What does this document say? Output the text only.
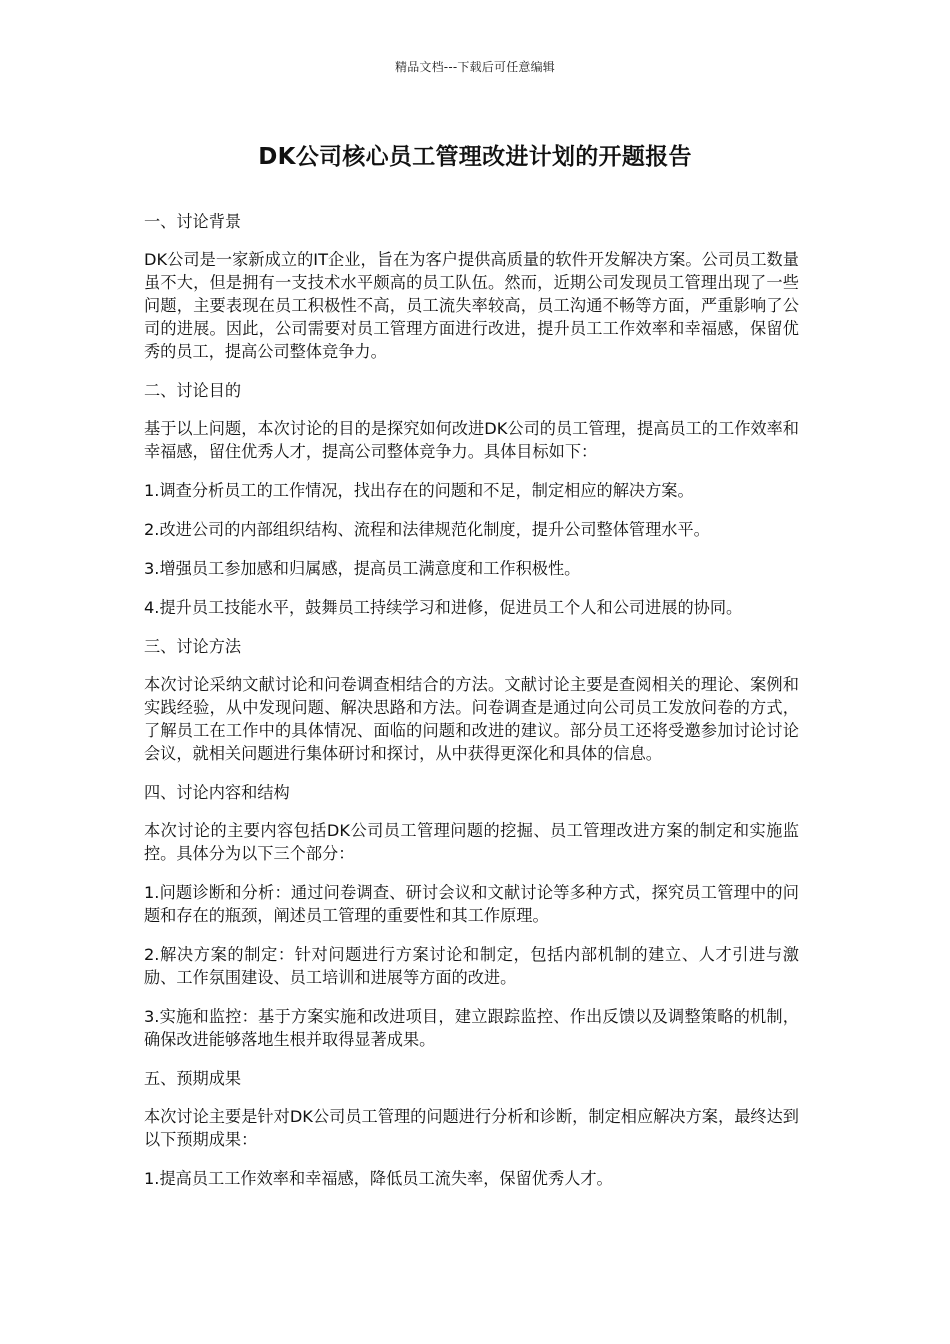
精品文档---下载后可任意编辑
DK公司核心员工管理改进计划的开题报告

一、讨论背景

DK公司是一家新成立的IT企业，旨在为客户提供高质量的软件开发解决方案。公司员工数量虽不大，但是拥有一支技术水平颇高的员工队伍。然而，近期公司发现员工管理出现了一些问题，主要表现在员工积极性不高，员工流失率较高，员工沟通不畅等方面，严重影响了公司的进展。因此，公司需要对员工管理方面进行改进，提升员工工作效率和幸福感，保留优秀的员工，提高公司整体竞争力。

二、讨论目的

基于以上问题，本次讨论的目的是探究如何改进DK公司的员工管理，提高员工的工作效率和幸福感，留住优秀人才，提高公司整体竞争力。具体目标如下：

1.调查分析员工的工作情况，找出存在的问题和不足，制定相应的解决方案。

2.改进公司的内部组织结构、流程和法律规范化制度，提升公司整体管理水平。

3.增强员工参加感和归属感，提高员工满意度和工作积极性。

4.提升员工技能水平，鼓舞员工持续学习和进修，促进员工个人和公司进展的协同。

三、讨论方法

本次讨论采纳文献讨论和问卷调查相结合的方法。文献讨论主要是查阅相关的理论、案例和实践经验，从中发现问题、解决思路和方法。问卷调查是通过向公司员工发放问卷的方式，了解员工在工作中的具体情况、面临的问题和改进的建议。部分员工还将受邀参加讨论讨论会议，就相关问题进行集体研讨和探讨，从中获得更深化和具体的信息。

四、讨论内容和结构

本次讨论的主要内容包括DK公司员工管理问题的挖掘、员工管理改进方案的制定和实施监控。具体分为以下三个部分：

1.问题诊断和分析：通过问卷调查、研讨会议和文献讨论等多种方式，探究员工管理中的问题和存在的瓶颈，阐述员工管理的重要性和其工作原理。

2.解决方案的制定：针对问题进行方案讨论和制定，包括内部机制的建立、人才引进与激励、工作氛围建设、员工培训和进展等方面的改进。

3.实施和监控：基于方案实施和改进项目，建立跟踪监控、作出反馈以及调整策略的机制，确保改进能够落地生根并取得显著成果。

五、预期成果

本次讨论主要是针对DK公司员工管理的问题进行分析和诊断，制定相应解决方案，最终达到以下预期成果：

1.提高员工工作效率和幸福感，降低员工流失率，保留优秀人才。
